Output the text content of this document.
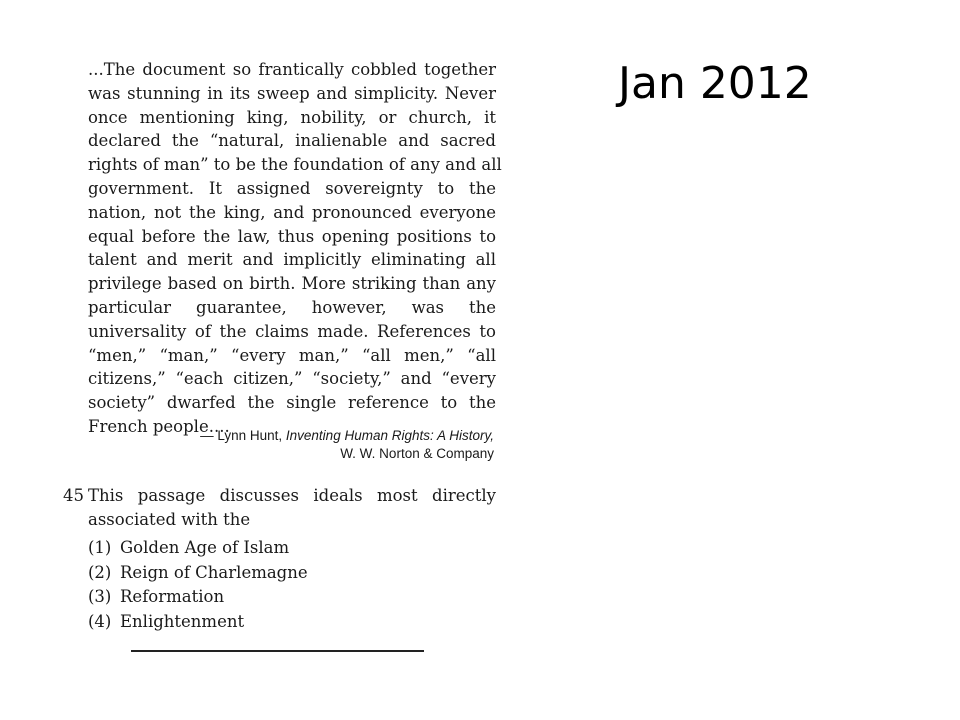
Jan 2012
...The document so frantically cobbled together
was stunning in its sweep and simplicity. Never
once mentioning king, nobility, or church, it
declared the “natural, inalienable and sacred
rights of man” to be the foundation of any and all
government. It assigned sovereignty to the
nation, not the king, and pronounced everyone
equal before the law, thus opening positions to
talent and merit and implicitly eliminating all
privilege based on birth. More striking than any
particular guarantee, however, was the
universality of the claims made. References to
“men,” “man,” “every man,” “all men,” “all
citizens,” “each citizen,” “society,” and “every
society” dwarfed the single reference to the
French people....
— Lynn Hunt, Inventing Human Rights: A History,
W. W. Norton & Company
45 This passage discusses ideals most directly
associated with the
(1) Golden Age of Islam
(2) Reign of Charlemagne
(3) Reformation
(4) Enlightenment
